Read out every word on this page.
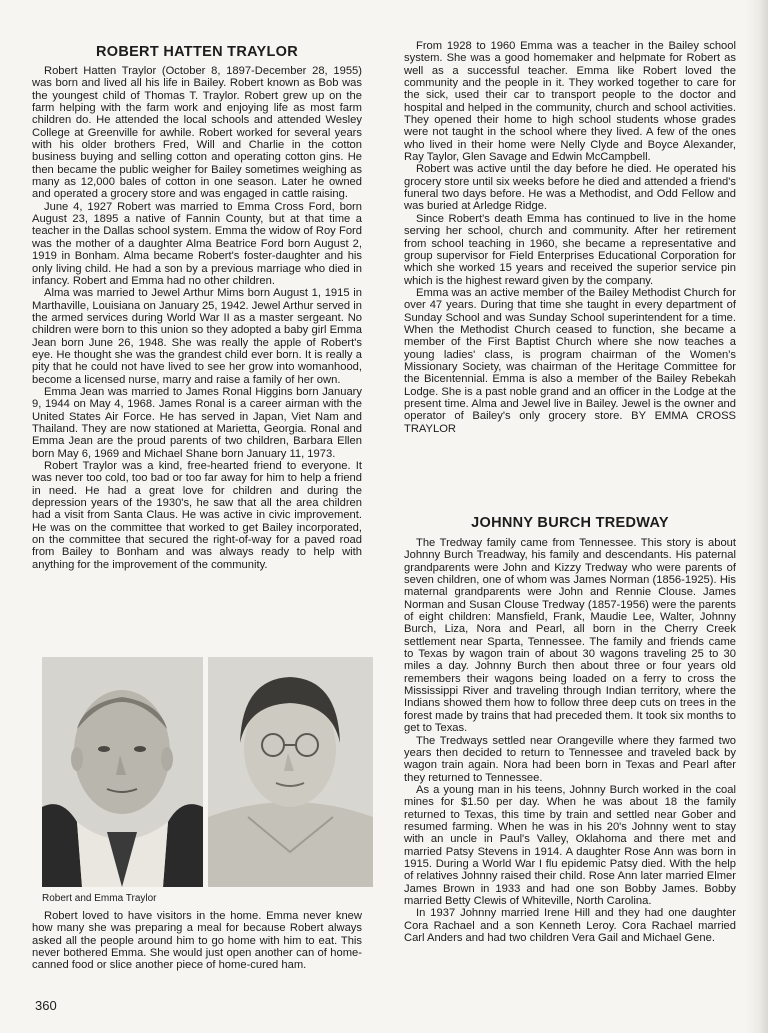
ROBERT HATTEN TRAYLOR

Robert Hatten Traylor (October 8, 1897-December 28, 1955) was born and lived all his life in Bailey. Robert known as Bob was the youngest child of Thomas T. Traylor. Robert grew up on the farm helping with the farm work and enjoying life as most farm children do. He attended the local schools and attended Wesley College at Greenville for awhile. Robert worked for several years with his older brothers Fred, Will and Charlie in the cotton business buying and selling cotton and operating cotton gins. He then became the public weigher for Bailey sometimes weighing as many as 12,000 bales of cotton in one season. Later he owned and operated a grocery store and was engaged in cattle raising.

June 4, 1927 Robert was married to Emma Cross Ford, born August 23, 1895 a native of Fannin County, but at that time a teacher in the Dallas school system. Emma the widow of Roy Ford was the mother of a daughter Alma Beatrice Ford born August 2, 1919 in Bonham. Alma became Robert's foster-daughter and his only living child. He had a son by a previous marriage who died in infancy. Robert and Emma had no other children.

Alma was married to Jewel Arthur Mims born August 1, 1915 in Marthaville, Louisiana on January 25, 1942. Jewel Arthur served in the armed services during World War II as a master sergeant. No children were born to this union so they adopted a baby girl Emma Jean born June 26, 1948. She was really the apple of Robert's eye. He thought she was the grandest child ever born. It is really a pity that he could not have lived to see her grow into womanhood, become a licensed nurse, marry and raise a family of her own.

Emma Jean was married to James Ronal Higgins born January 9, 1944 on May 4, 1968. James Ronal is a career airman with the United States Air Force. He has served in Japan, Viet Nam and Thailand. They are now stationed at Marietta, Georgia. Ronal and Emma Jean are the proud parents of two children, Barbara Ellen born May 6, 1969 and Michael Shane born January 11, 1973.

Robert Traylor was a kind, free-hearted friend to everyone. It was never too cold, too bad or too far away for him to help a friend in need. He had a great love for children and during the depression years of the 1930's, he saw that all the area children had a visit from Santa Claus. He was active in civic improvement. He was on the committee that worked to get Bailey incorporated, on the committee that secured the right-of-way for a paved road from Bailey to Bonham and was always ready to help with anything for the improvement of the community.

Robert and Emma Traylor

Robert loved to have visitors in the home. Emma never knew how many she was preparing a meal for because Robert always asked all the people around him to go home with him to eat. This never bothered Emma. She would just open another can of home-canned food or slice another piece of home-cured ham.

From 1928 to 1960 Emma was a teacher in the Bailey school system. She was a good homemaker and helpmate for Robert as well as a successful teacher. Emma like Robert loved the community and the people in it. They worked together to care for the sick, used their car to transport people to the doctor and hospital and helped in the community, church and school activities. They opened their home to high school students whose grades were not taught in the school where they lived. A few of the ones who lived in their home were Nelly Clyde and Boyce Alexander, Ray Taylor, Glen Savage and Edwin McCampbell.

Robert was active until the day before he died. He operated his grocery store until six weeks before he died and attended a friend's funeral two days before. He was a Methodist, and Odd Fellow and was buried at Arledge Ridge.

Since Robert's death Emma has continued to live in the home serving her school, church and community. After her retirement from school teaching in 1960, she became a representative and group supervisor for Field Enterprises Educational Corporation for which she worked 15 years and received the superior service pin which is the highest reward given by the company.

Emma was an active member of the Bailey Methodist Church for over 47 years. During that time she taught in every department of Sunday School and was Sunday School superintendent for a time. When the Methodist Church ceased to function, she became a member of the First Baptist Church where she now teaches a young ladies' class, is program chairman of the Women's Missionary Society, was chairman of the Heritage Committee for the Bicentennial. Emma is also a member of the Bailey Rebekah Lodge. She is a past noble grand and an officer in the Lodge at the present time. Alma and Jewel live in Bailey. Jewel is the owner and operator of Bailey's only grocery store. BY EMMA CROSS TRAYLOR

JOHNNY BURCH TREDWAY

The Tredway family came from Tennessee. This story is about Johnny Burch Treadway, his family and descendants. His paternal grandparents were John and Kizzy Tredway who were parents of seven children, one of whom was James Norman (1856-1925). His maternal grandparents were John and Rennie Clouse. James Norman and Susan Clouse Tredway (1857-1956) were the parents of eight children: Mansfield, Frank, Maudie Lee, Walter, Johnny Burch, Liza, Nora and Pearl, all born in the Cherry Creek settlement near Sparta, Tennessee. The family and friends came to Texas by wagon train of about 30 wagons traveling 25 to 30 miles a day. Johnny Burch then about three or four years old remembers their wagons being loaded on a ferry to cross the Mississippi River and traveling through Indian territory, where the Indians showed them how to follow three deep cuts on trees in the forest made by trains that had preceded them. It took six months to get to Texas.

The Tredways settled near Orangeville where they farmed two years then decided to return to Tennessee and traveled back by wagon train again. Nora had been born in Texas and Pearl after they returned to Tennessee.

As a young man in his teens, Johnny Burch worked in the coal mines for $1.50 per day. When he was about 18 the family returned to Texas, this time by train and settled near Gober and resumed farming. When he was in his 20's Johnny went to stay with an uncle in Paul's Valley, Oklahoma and there met and married Patsy Stevens in 1914. A daughter Rose Ann was born in 1915. During a World War I flu epidemic Patsy died. With the help of relatives Johnny raised their child. Rose Ann later married Elmer James Brown in 1933 and had one son Bobby James. Bobby married Betty Clewis of Whiteville, North Carolina.

In 1937 Johnny married Irene Hill and they had one daughter Cora Rachael and a son Kenneth Leroy. Cora Rachael married Carl Anders and had two children Vera Gail and Michael Gene.

360
